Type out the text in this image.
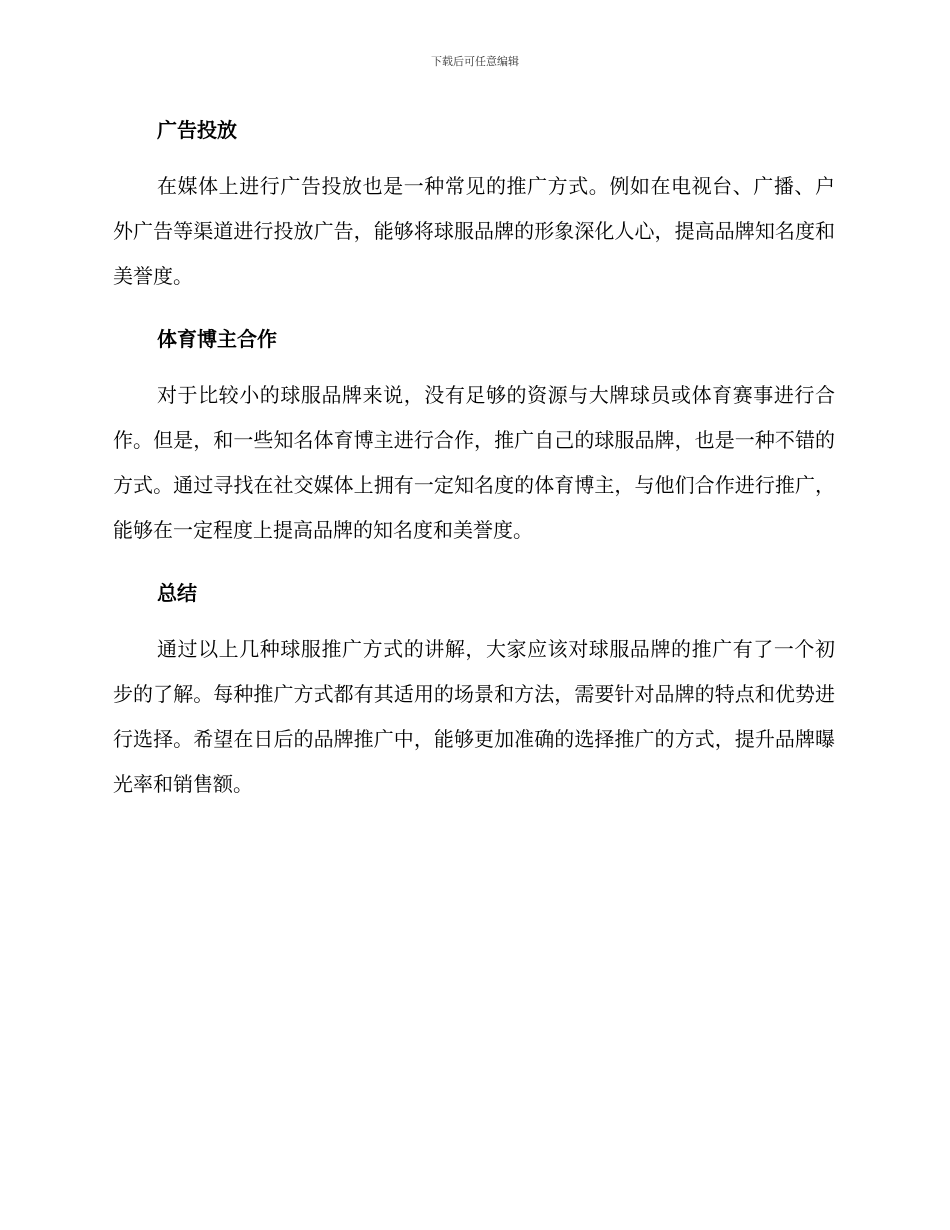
下载后可任意编辑
广告投放

在媒体上进行广告投放也是一种常见的推广方式。例如在电视台、广播、户外广告等渠道进行投放广告，能够将球服品牌的形象深化人心，提高品牌知名度和美誉度。

体育博主合作

对于比较小的球服品牌来说，没有足够的资源与大牌球员或体育赛事进行合作。但是，和一些知名体育博主进行合作，推广自己的球服品牌，也是一种不错的方式。通过寻找在社交媒体上拥有一定知名度的体育博主，与他们合作进行推广，能够在一定程度上提高品牌的知名度和美誉度。

总结

通过以上几种球服推广方式的讲解，大家应该对球服品牌的推广有了一个初步的了解。每种推广方式都有其适用的场景和方法，需要针对品牌的特点和优势进行选择。希望在日后的品牌推广中，能够更加准确的选择推广的方式，提升品牌曝光率和销售额。
